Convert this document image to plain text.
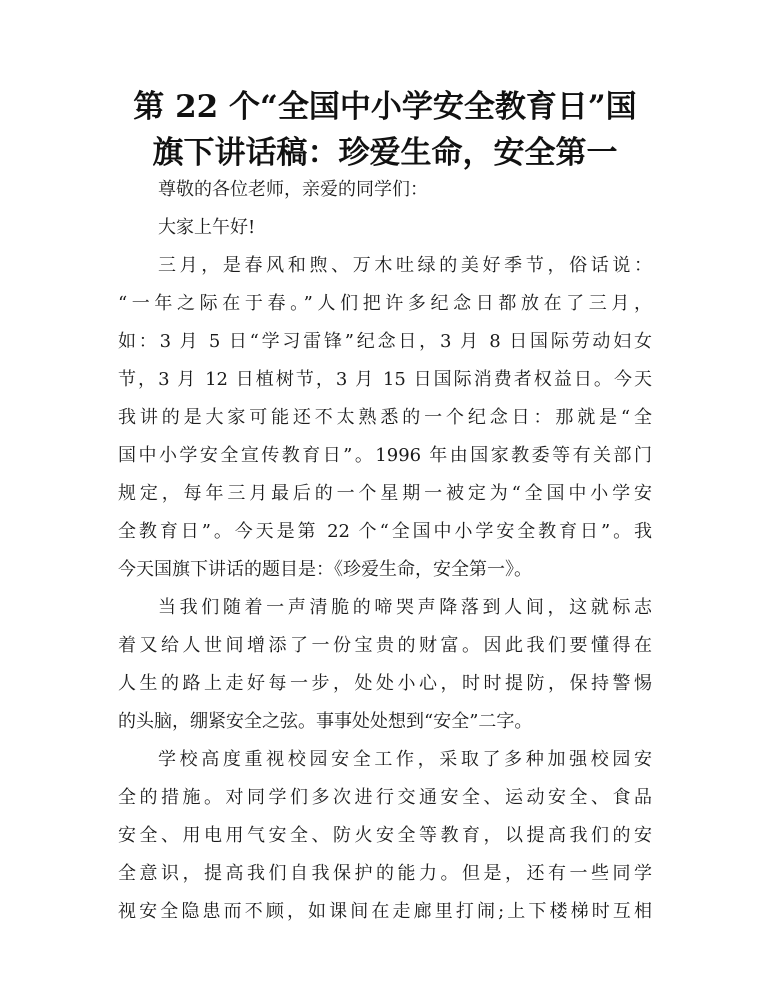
第 22 个“全国中小学安全教育日”国
旗下讲话稿：珍爱生命，安全第一
尊敬的各位老师，亲爱的同学们：
大家上午好!
三月，是春风和煦、万木吐绿的美好季节，俗话说：
“一年之际在于春。”人们把许多纪念日都放在了三月，
如：3 月 5 日“学习雷锋”纪念日，3 月 8 日国际劳动妇女
节，3 月 12 日植树节，3 月 15 日国际消费者权益日。今天
我讲的是大家可能还不太熟悉的一个纪念日：那就是“全
国中小学安全宣传教育日”。1996 年由国家教委等有关部门
规定，每年三月最后的一个星期一被定为“全国中小学安
全教育日”。今天是第 22 个“全国中小学安全教育日”。我
今天国旗下讲话的题目是：《珍爱生命，安全第一》。
当我们随着一声清脆的啼哭声降落到人间，这就标志
着又给人世间增添了一份宝贵的财富。因此我们要懂得在
人生的路上走好每一步，处处小心，时时提防，保持警惕
的头脑，绷紧安全之弦。事事处处想到“安全”二字。
学校高度重视校园安全工作，采取了多种加强校园安
全的措施。对同学们多次进行交通安全、运动安全、食品
安全、用电用气安全、防火安全等教育，以提高我们的安
全意识，提高我们自我保护的能力。但是，还有一些同学
视安全隐患而不顾，如课间在走廊里打闹;上下楼梯时互相
